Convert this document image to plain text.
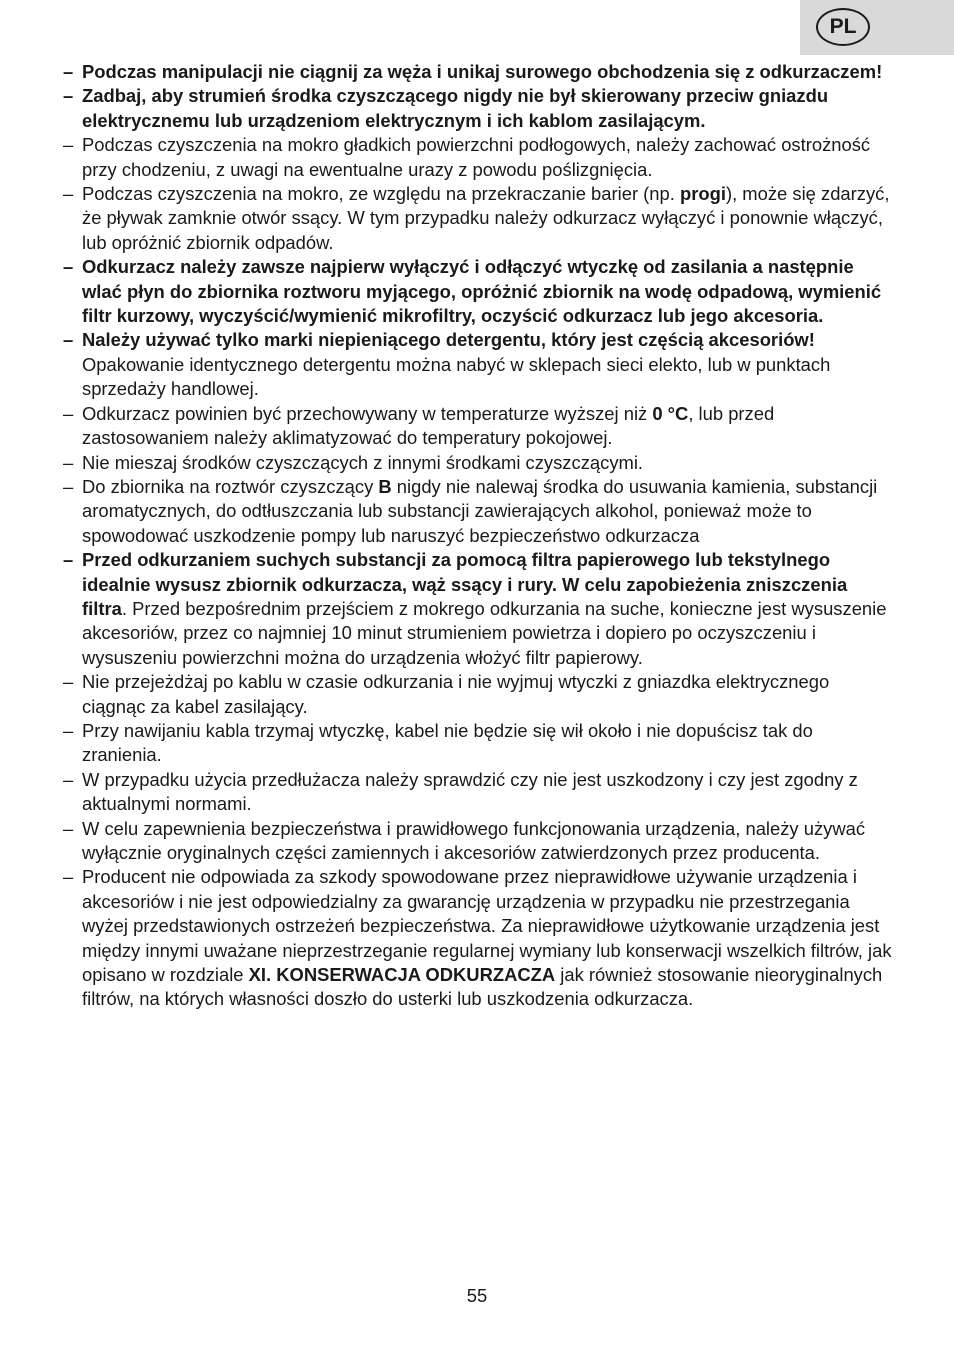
PL
– Podczas manipulacji nie ciągnij za węża i unikaj surowego obchodzenia się z odkurzaczem!
– Zadbaj, aby strumień środka czyszczącego nigdy nie był skierowany przeciw gniazdu elektrycznemu lub urządzeniom elektrycznym i ich kablom zasilającym.
– Podczas czyszczenia na mokro gładkich powierzchni podłogowych, należy zachować ostrożność przy chodzeniu, z uwagi na ewentualne urazy z powodu poślizgnięcia.
– Podczas czyszczenia na mokro, ze względu na przekraczanie barier (np. progi), może się zdarzyć, że pływak zamknie otwór ssący. W tym przypadku należy odkurzacz wyłączyć i ponownie włączyć, lub opróżnić zbiornik odpadów.
– Odkurzacz należy zawsze najpierw wyłączyć i odłączyć wtyczkę od zasilania a następnie wlać płyn do zbiornika roztworu myjącego, opróżnić zbiornik na wodę odpadową, wymienić filtr kurzowy, wyczyścić/wymienić mikrofiltry, oczyścić odkurzacz lub jego akcesoria.
– Należy używać tylko marki niepieniącego detergentu, który jest częścią akcesoriów! Opakowanie identycznego detergentu można nabyć w sklepach sieci elekto, lub w punktach sprzedaży handlowej.
– Odkurzacz powinien być przechowywany w temperaturze wyższej niż 0 °C, lub przed zastosowaniem należy aklimatyzować do temperatury pokojowej.
– Nie mieszaj środków czyszczących z innymi środkami czyszczącymi.
– Do zbiornika na roztwór czyszczący B nigdy nie nalewaj środka do usuwania kamienia, substancji aromatycznych, do odtłuszczania lub substancji zawierających alkohol, ponieważ może to spowodować uszkodzenie pompy lub naruszyć bezpieczeństwo odkurzacza
– Przed odkurzaniem suchych substancji za pomocą filtra papierowego lub tekstylnego idealnie wysusz zbiornik odkurzacza, wąż ssący i rury. W celu zapobieżenia zniszczenia filtra. Przed bezpośrednim przejściem z mokrego odkurzania na suche, konieczne jest wysuszenie akcesoriów, przez co najmniej 10 minut strumieniem powietrza i dopiero po oczyszczeniu i wysuszeniu powierzchni można do urządzenia włożyć filtr papierowy.
– Nie przejeżdżaj po kablu w czasie odkurzania i nie wyjmuj wtyczki z gniazdka elektrycznego ciągnąc za kabel zasilający.
– Przy nawijaniu kabla trzymaj wtyczkę, kabel nie będzie się wił około i nie dopuścisz tak do zranienia.
– W przypadku użycia przedłużacza należy sprawdzić czy nie jest uszkodzony i czy jest zgodny z aktualnymi normami.
– W celu zapewnienia bezpieczeństwa i prawidłowego funkcjonowania urządzenia, należy używać wyłącznie oryginalnych części zamiennych i akcesoriów zatwierdzonych przez producenta.
– Producent nie odpowiada za szkody spowodowane przez nieprawidłowe używanie urządzenia i akcesoriów i nie jest odpowiedzialny za gwarancję urządzenia w przypadku nie przestrzegania wyżej przedstawionych ostrzeżeń bezpieczeństwa. Za nieprawidłowe użytkowanie urządzenia jest między innymi uważane nieprzestrzeganie regularnej wymiany lub konserwacji wszelkich filtrów, jak opisano w rozdziale XI. KONSERWACJA ODKURZACZA jak również stosowanie nieoryginalnych filtrów, na których własności doszło do usterki lub uszkodzenia odkurzacza.
55
